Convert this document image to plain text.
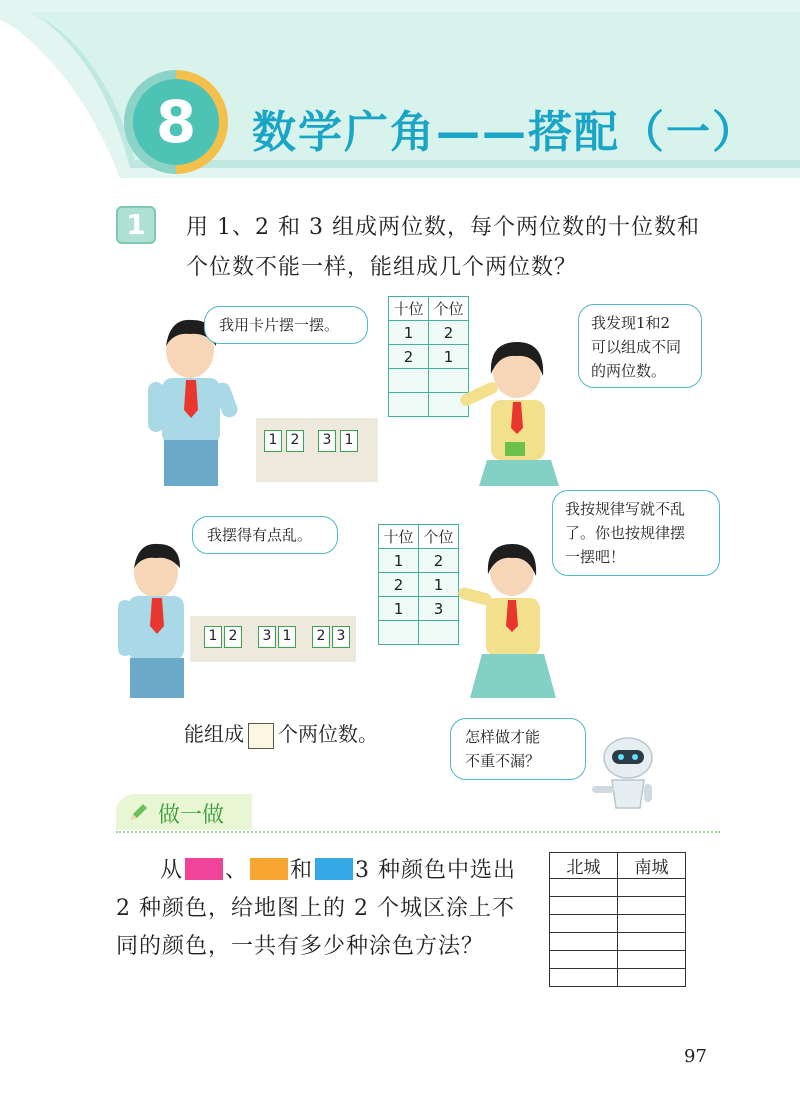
8	数学广角——搭配（一）
1	用 1、2 和 3 组成两位数，每个两位数的十位数和
个位数不能一样，能组成几个两位数？
我用卡片摆一摆。
1 2	3 1
十位	个位
1	2
2	1

我发现1和2
可以组成不同
的两位数。
我摆得有点乱。
1 2	3 1	2 3
十位	个位
1	2
2	1
1	3

我按规律写就不乱
了。你也按规律摆
一摆吧！
能组成 个两位数。	怎样做才能
不重不漏？
做一做
从 、 和 3 种颜色中选出
2 种颜色，给地图上的 2 个城区涂上不
同的颜色，一共有多少种涂色方法？
北城	南城

97
